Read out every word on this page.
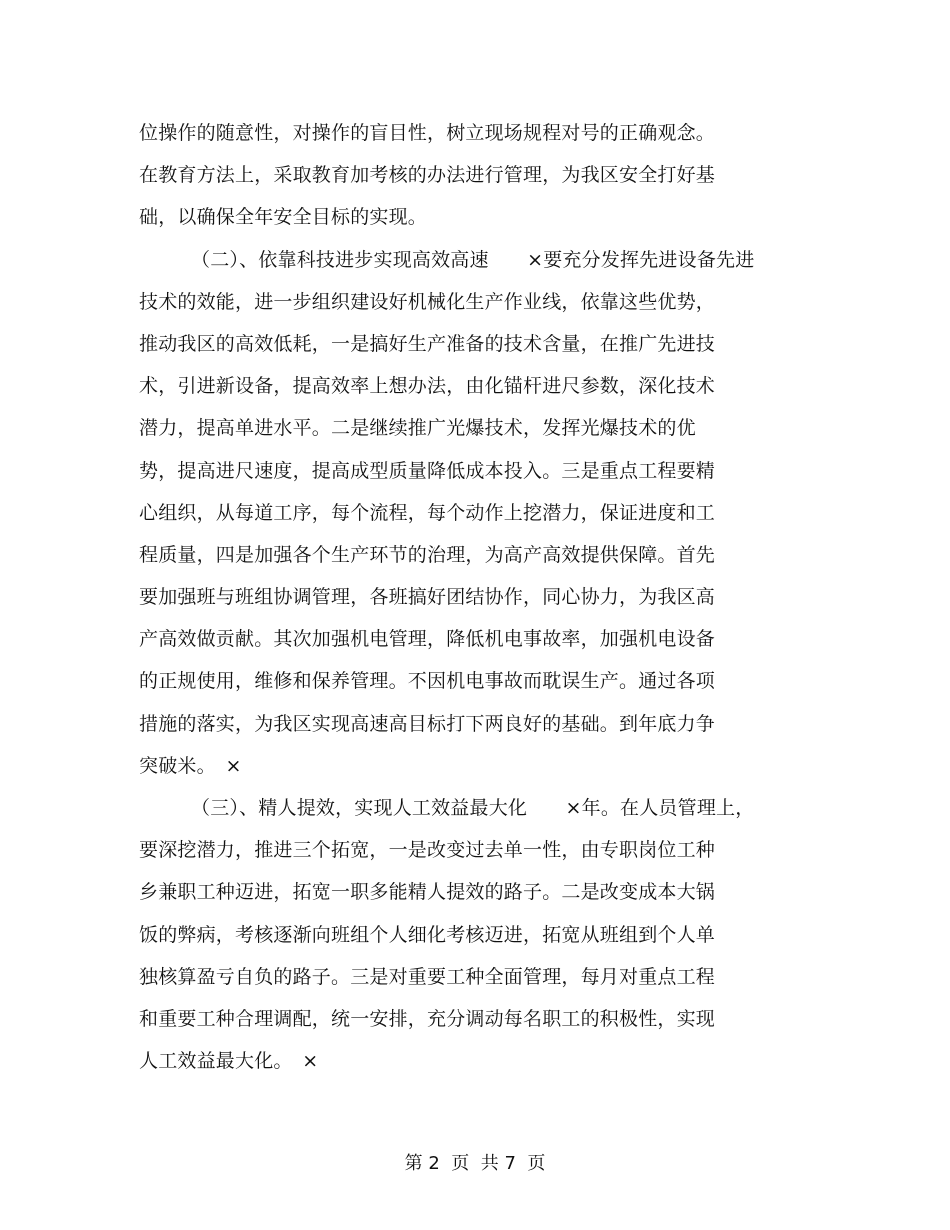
位操作的随意性，对操作的盲目性，树立现场规程对号的正确观念。
在教育方法上，采取教育加考核的办法进行管理，为我区安全打好基
础，以确保全年安全目标的实现。
（二）、依靠科技进步实现高效高速　　×要充分发挥先进设备先进
技术的效能，进一步组织建设好机械化生产作业线，依靠这些优势，
推动我区的高效低耗，一是搞好生产准备的技术含量，在推广先进技
术，引进新设备，提高效率上想办法，由化锚杆进尺参数，深化技术
潜力，提高单进水平。二是继续推广光爆技术，发挥光爆技术的优
势，提高进尺速度，提高成型质量降低成本投入。三是重点工程要精
心组织，从每道工序，每个流程，每个动作上挖潜力，保证进度和工
程质量，四是加强各个生产环节的治理，为高产高效提供保障。首先
要加强班与班组协调管理，各班搞好团结协作，同心协力，为我区高
产高效做贡献。其次加强机电管理，降低机电事故率，加强机电设备
的正规使用，维修和保养管理。不因机电事故而耽误生产。通过各项
措施的落实，为我区实现高速高目标打下两良好的基础。到年底力争
突破米。　×
（三）、精人提效，实现人工效益最大化　　×年。在人员管理上，
要深挖潜力，推进三个拓宽，一是改变过去单一性，由专职岗位工种
乡兼职工种迈进，拓宽一职多能精人提效的路子。二是改变成本大锅
饭的弊病，考核逐渐向班组个人细化考核迈进，拓宽从班组到个人单
独核算盈亏自负的路子。三是对重要工种全面管理，每月对重点工程
和重要工种合理调配，统一安排，充分调动每名职工的积极性，实现
人工效益最大化。　×
第 2  页  共 7  页
